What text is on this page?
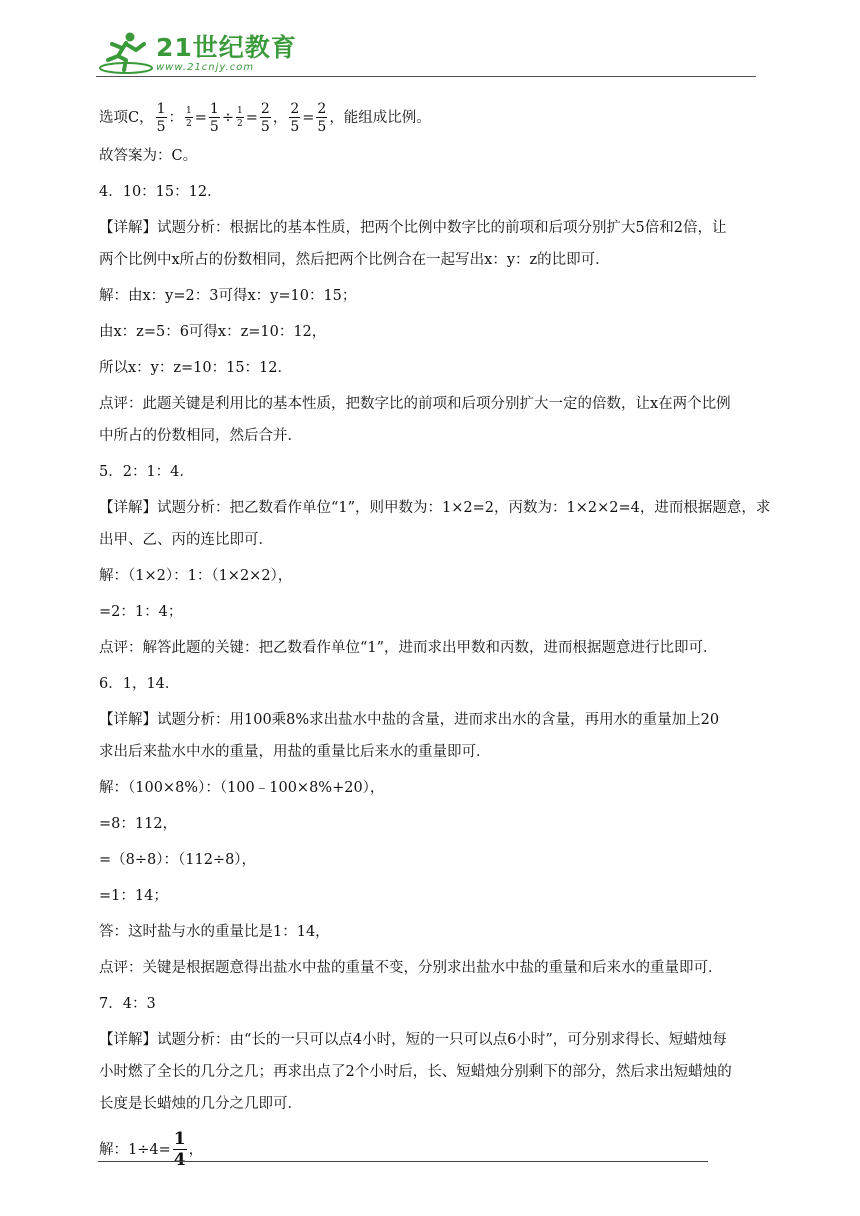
21世纪教育
www.21cnjy.com

选项C， $\frac{1}{5}$ ： $\frac{1}{2} = \frac{1}{5} \div \frac{1}{2} = \frac{2}{5}$ ， $\frac{2}{5} = \frac{2}{5}$ ，能组成比例。

故答案为：C。

4．10：15：12．

【详解】试题分析：根据比的基本性质，把两个比例中数字比的前项和后项分别扩大5倍和2倍，让

两个比例中x所占的份数相同，然后把两个比例合在一起写出x：y：z的比即可．

解：由x：y=2：3可得x：y=10：15；

由x：z=5：6可得x：z=10：12，

所以x：y：z=10：15：12．

点评：此题关键是利用比的基本性质，把数字比的前项和后项分别扩大一定的倍数，让x在两个比例

中所占的份数相同，然后合并．

5．2：1：4．

【详解】试题分析：把乙数看作单位“1”，则甲数为：1×2=2，丙数为：1×2×2=4，进而根据题意，求

出甲、乙、丙的连比即可．

解：（1×2）：1：（1×2×2），

=2：1：4；

点评：解答此题的关键：把乙数看作单位“1”，进而求出甲数和丙数，进而根据题意进行比即可．

6．1，14．

【详解】试题分析：用100乘8%求出盐水中盐的含量，进而求出水的含量，再用水的重量加上20

求出后来盐水中水的重量，用盐的重量比后来水的重量即可．

解：（100×8%）：（100﹣100×8%+20），

=8：112，

=（8÷8）：（112÷8），

=1：14；

答：这时盐与水的重量比是1：14，

点评：关键是根据题意得出盐水中盐的重量不变，分别求出盐水中盐的重量和后来水的重量即可．

7．4：3

【详解】试题分析：由“长的一只可以点4小时，短的一只可以点6小时”，可分别求得长、短蜡烛每

小时燃了全长的几分之几；再求出点了2个小时后，长、短蜡烛分别剩下的部分，然后求出短蜡烛的

长度是长蜡烛的几分之几即可．

解：$1\div 4= \frac{1}{4}$ ，
